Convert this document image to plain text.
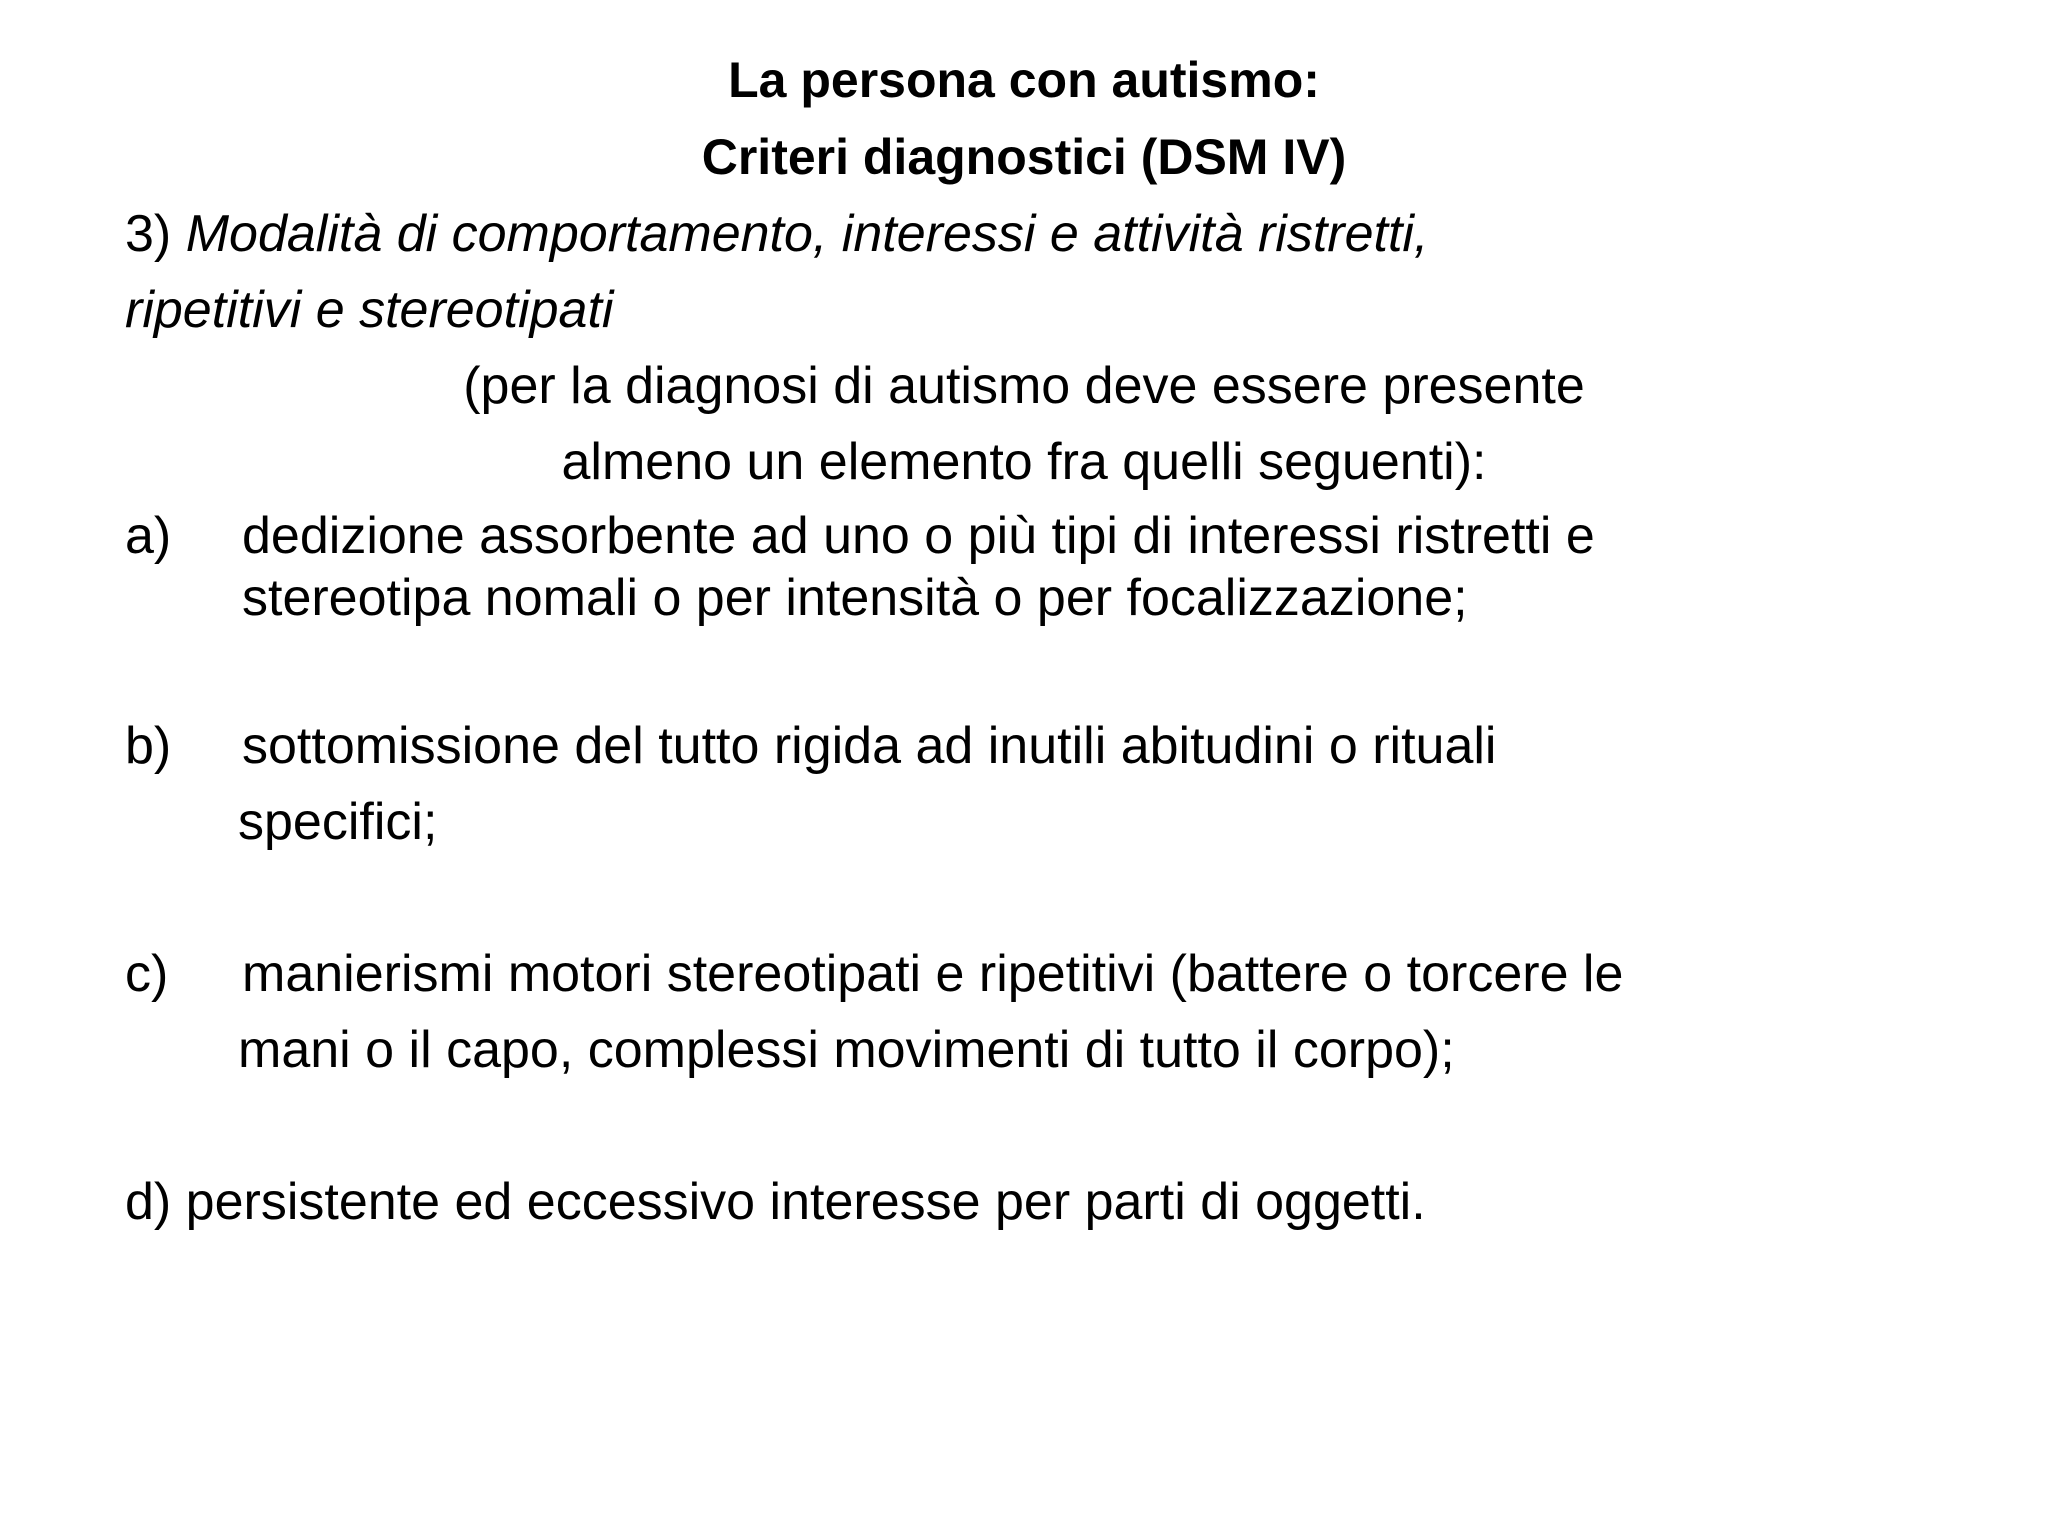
La persona con autismo:
Criteri diagnostici (DSM IV)
3) Modalità di comportamento, interessi e attività ristretti,
ripetitivi e stereotipati
(per la diagnosi di autismo deve essere presente
almeno un elemento fra quelli seguenti):
a) dedizione assorbente ad uno o più tipi di interessi ristretti e
stereotipa nomali o per intensità o per focalizzazione;
b) sottomissione del tutto rigida ad inutili abitudini o rituali
specifici;
c) manierismi motori stereotipati e ripetitivi (battere o torcere le
mani o il capo, complessi movimenti di tutto il corpo);
d) persistente ed eccessivo interesse per parti di oggetti.
